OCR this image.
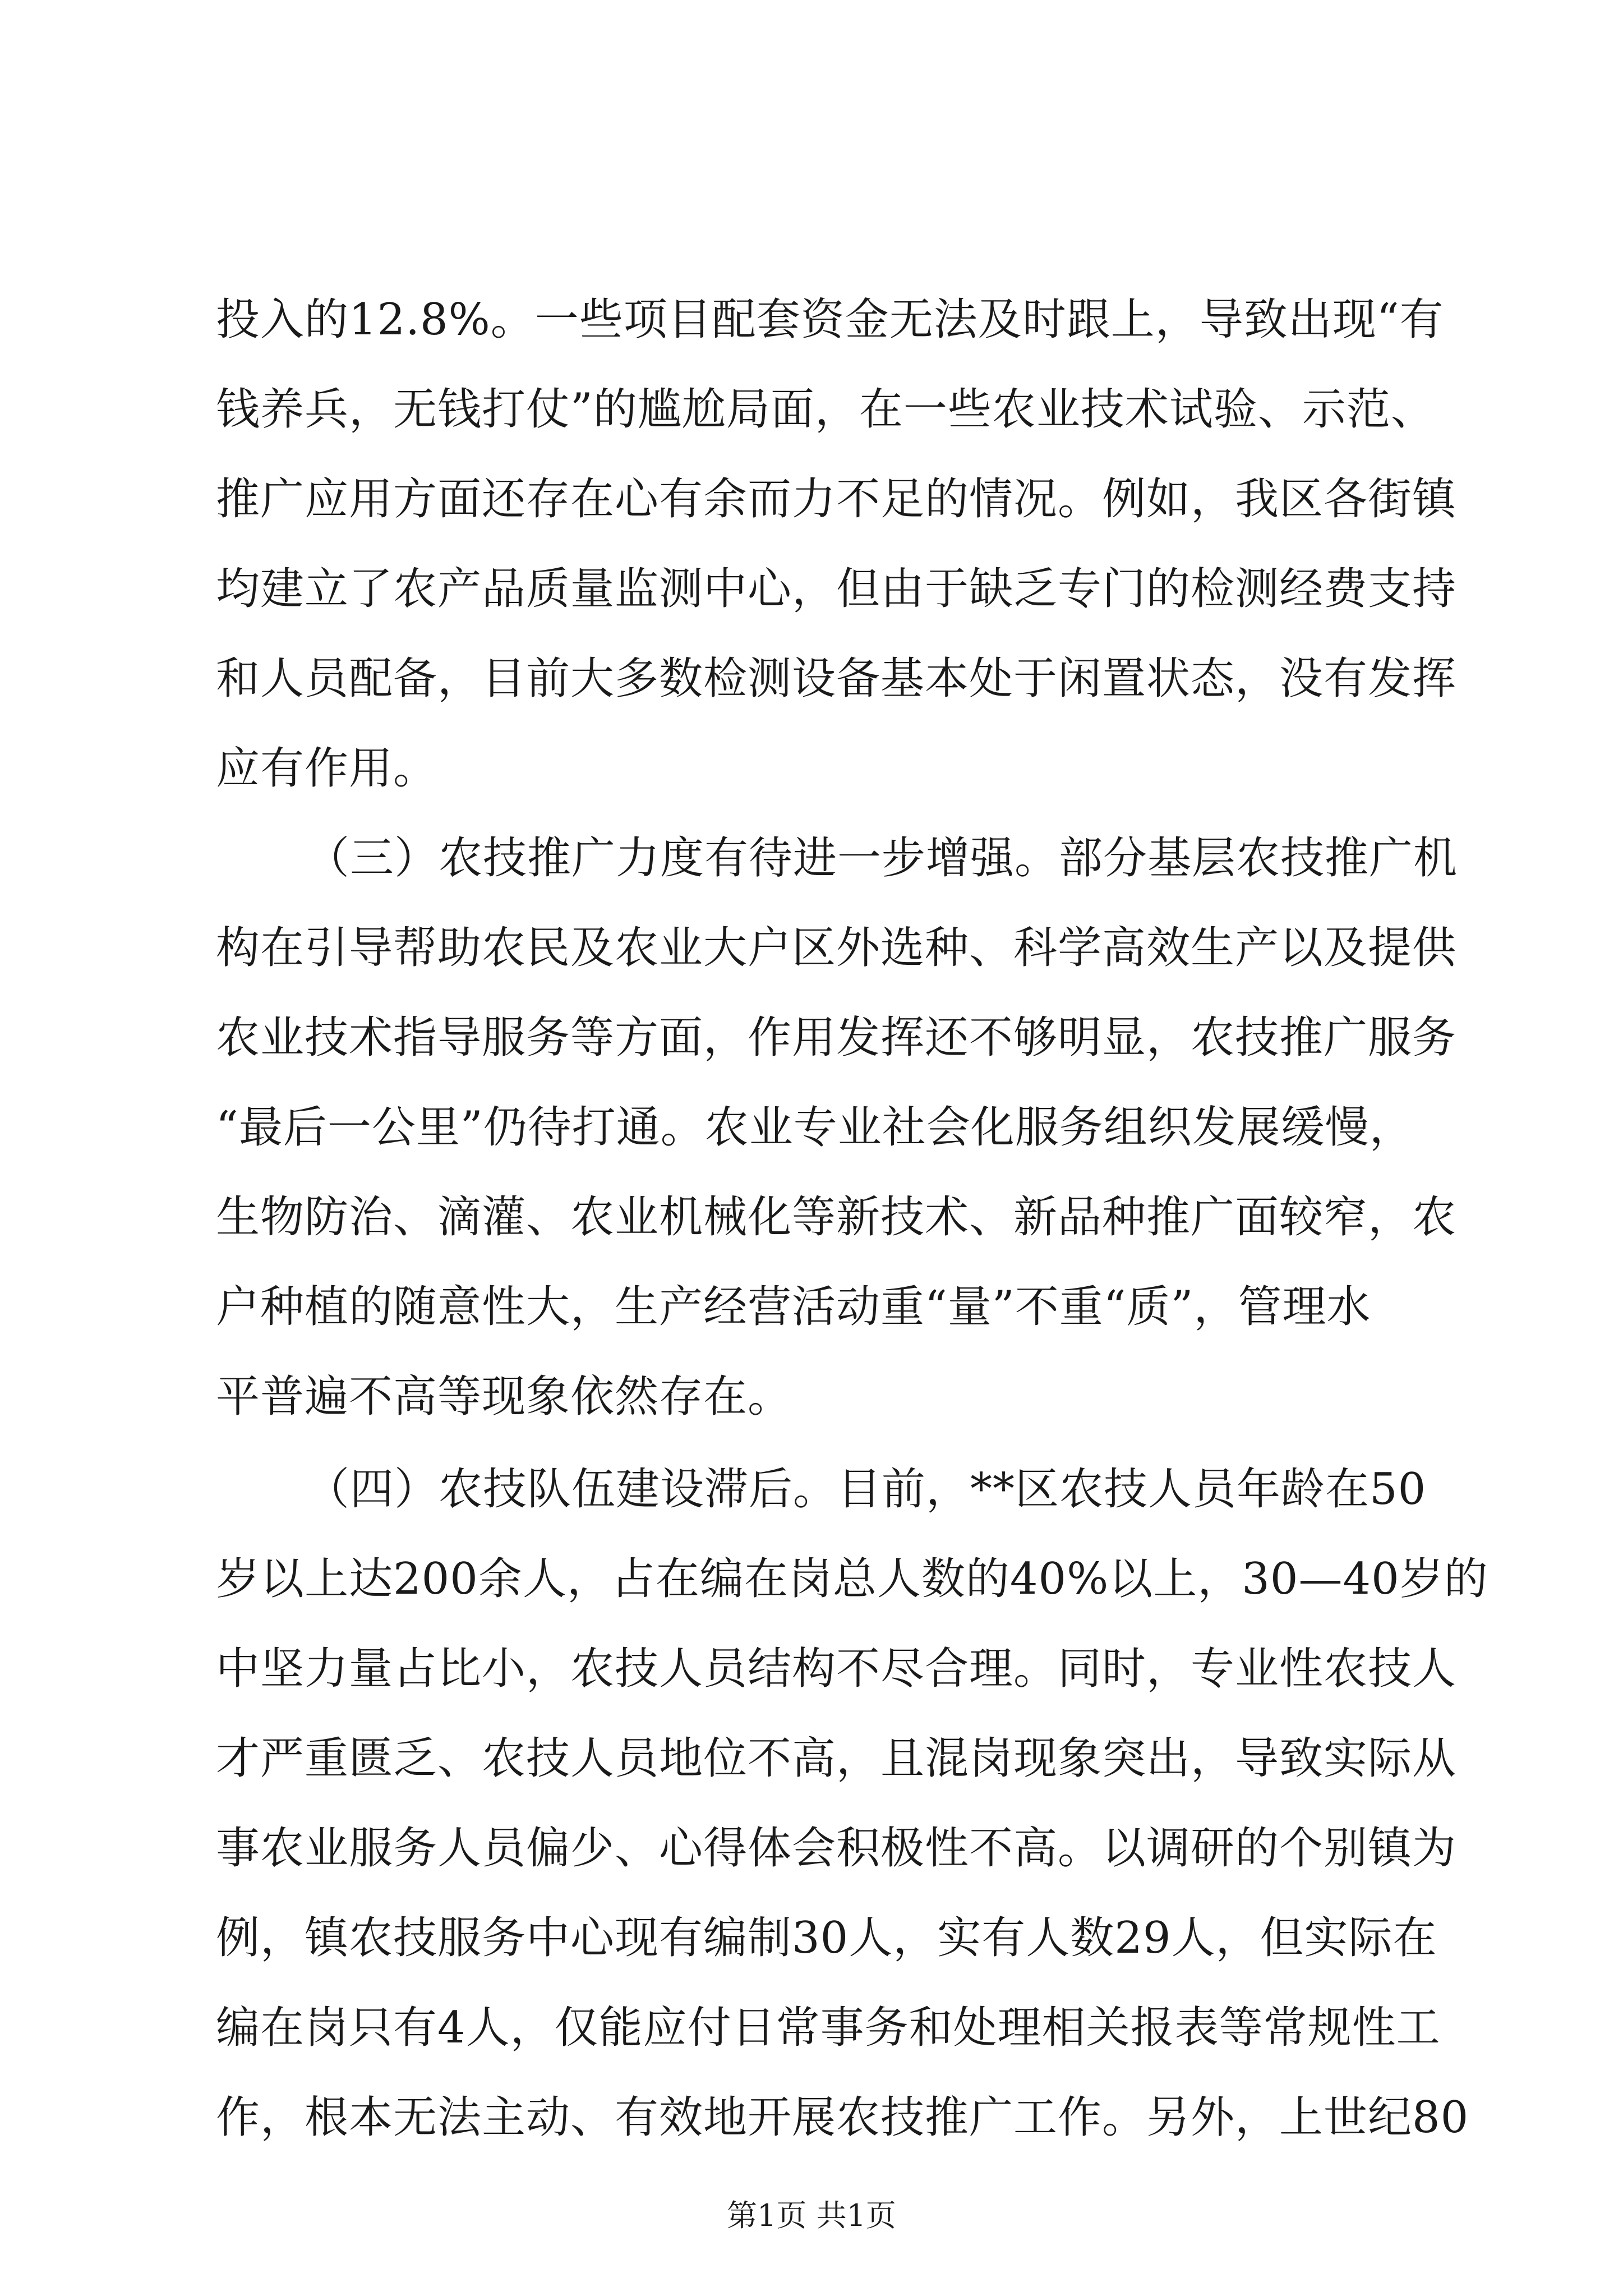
投入的12.8%。一些项目配套资金无法及时跟上，导致出现“有
钱养兵，无钱打仗”的尴尬局面，在一些农业技术试验、示范、
推广应用方面还存在心有余而力不足的情况。例如，我区各街镇
均建立了农产品质量监测中心，但由于缺乏专门的检测经费支持
和人员配备，目前大多数检测设备基本处于闲置状态，没有发挥
应有作用。
（三）农技推广力度有待进一步增强。部分基层农技推广机
构在引导帮助农民及农业大户区外选种、科学高效生产以及提供
农业技术指导服务等方面，作用发挥还不够明显，农技推广服务
“最后一公里”仍待打通。农业专业社会化服务组织发展缓慢，
生物防治、滴灌、农业机械化等新技术、新品种推广面较窄，农
户种植的随意性大，生产经营活动重“量”不重“质”，管理水
平普遍不高等现象依然存在。
（四）农技队伍建设滞后。目前，**区农技人员年龄在50
岁以上达200余人，占在编在岗总人数的40%以上，30—40岁的
中坚力量占比小，农技人员结构不尽合理。同时，专业性农技人
才严重匮乏、农技人员地位不高，且混岗现象突出，导致实际从
事农业服务人员偏少、心得体会积极性不高。以调研的个别镇为
例，镇农技服务中心现有编制30人，实有人数29人，但实际在
编在岗只有4人，仅能应付日常事务和处理相关报表等常规性工
第1页 共1页
作，根本无法主动、有效地开展农技推广工作。另外，上世纪80
